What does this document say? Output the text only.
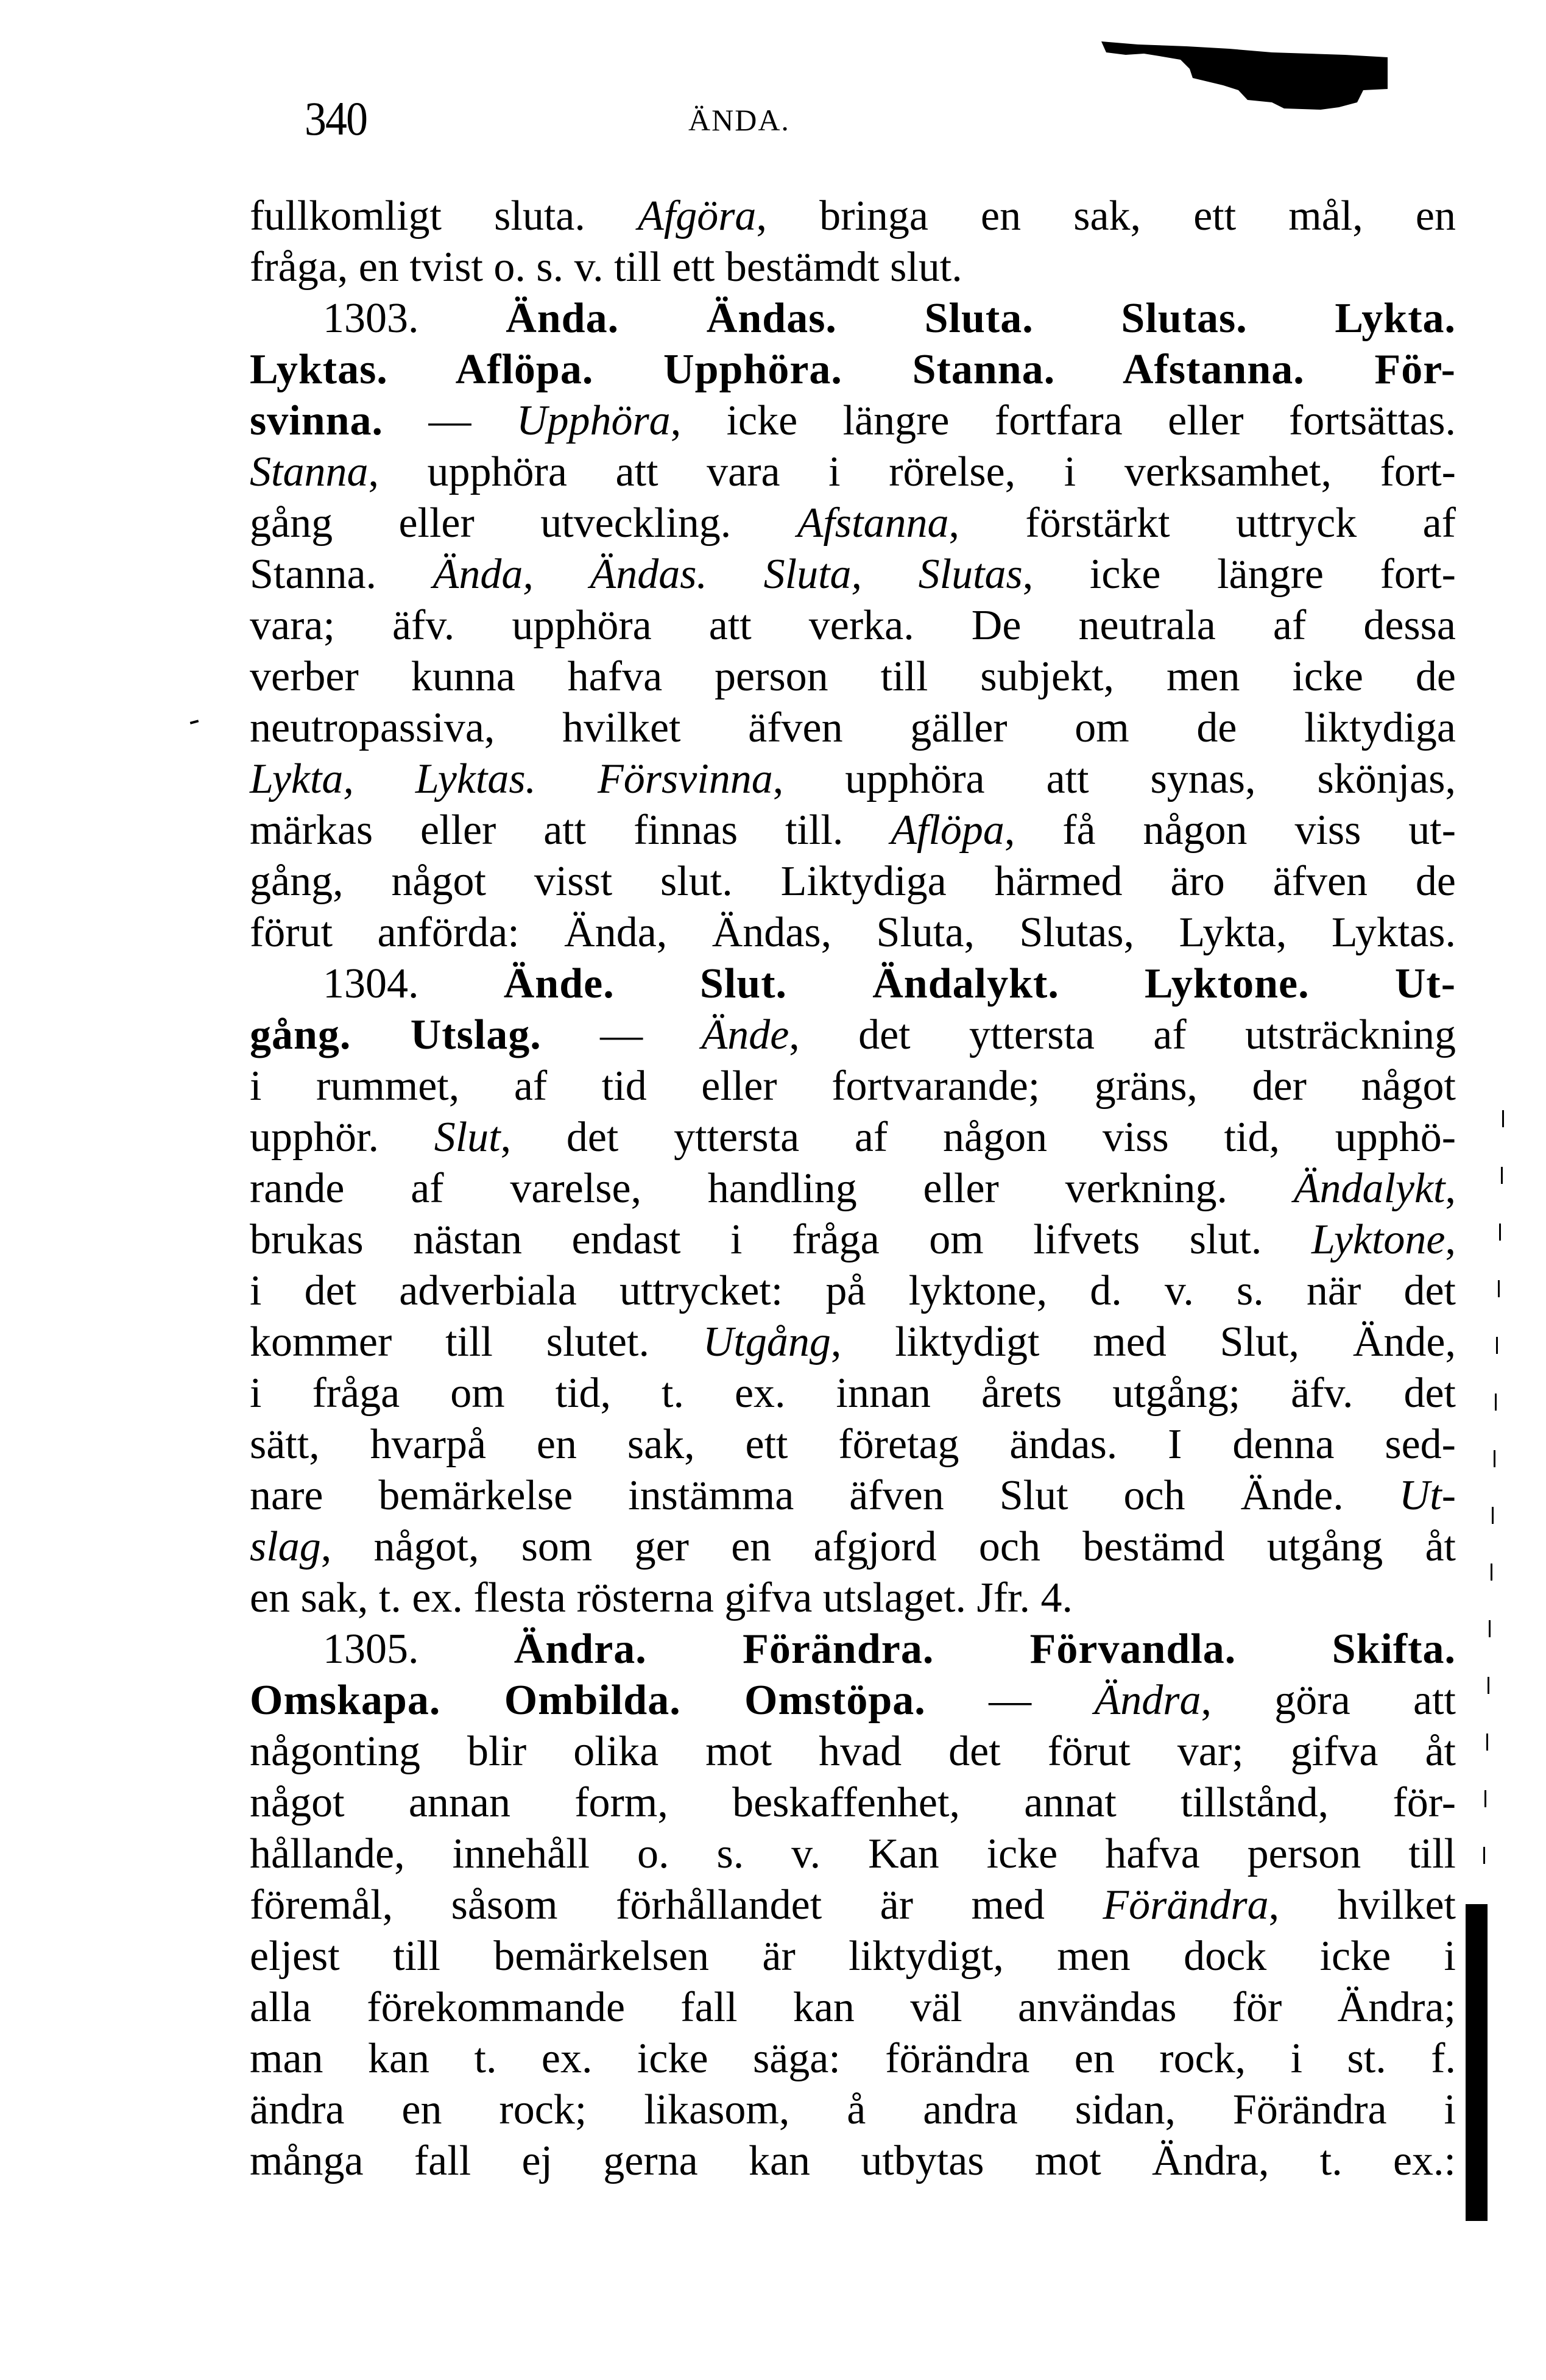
340	ÄNDA.
fullkomligt sluta. Afgöra, bringa en sak, ett mål, en
fråga, en tvist o. s. v. till ett bestämdt slut.
1303. Ända. Ändas. Sluta. Slutas. Lykta.
Lyktas. Aflöpa. Upphöra. Stanna. Afstanna. För-
svinna. — Upphöra, icke längre fortfara eller fortsättas.
Stanna, upphöra att vara i rörelse, i verksamhet, fort-
gång eller utveckling. Afstanna, förstärkt uttryck af
Stanna. Ända, Ändas. Sluta, Slutas, icke längre fort-
vara; äfv. upphöra att verka. De neutrala af dessa
verber kunna hafva person till subjekt, men icke de
neutropassiva, hvilket äfven gäller om de liktydiga
Lykta, Lyktas. Försvinna, upphöra att synas, skönjas,
märkas eller att finnas till. Aflöpa, få någon viss ut-
gång, något visst slut. Liktydiga härmed äro äfven de
förut anförda: Ända, Ändas, Sluta, Slutas, Lykta, Lyktas.
1304. Ände. Slut. Ändalykt. Lyktone. Ut-
gång. Utslag. — Ände, det yttersta af utsträckning
i rummet, af tid eller fortvarande; gräns, der något
upphör. Slut, det yttersta af någon viss tid, upphö-
rande af varelse, handling eller verkning. Ändalykt,
brukas nästan endast i fråga om lifvets slut. Lyktone,
i det adverbiala uttrycket: på lyktone, d. v. s. när det
kommer till slutet. Utgång, liktydigt med Slut, Ände,
i fråga om tid, t. ex. innan årets utgång; äfv. det
sätt, hvarpå en sak, ett företag ändas. I denna sed-
nare bemärkelse instämma äfven Slut och Ände. Ut-
slag, något, som ger en afgjord och bestämd utgång åt
en sak, t. ex. flesta rösterna gifva utslaget. Jfr. 4.
1305. Ändra. Förändra. Förvandla. Skifta.
Omskapa. Ombilda. Omstöpa. — Ändra, göra att
någonting blir olika mot hvad det förut var; gifva åt
något annan form, beskaffenhet, annat tillstånd, för-
hållande, innehåll o. s. v. Kan icke hafva person till
föremål, såsom förhållandet är med Förändra, hvilket
eljest till bemärkelsen är liktydigt, men dock icke i
alla förekommande fall kan väl användas för Ändra;
man kan t. ex. icke säga: förändra en rock, i st. f.
ändra en rock; likasom, å andra sidan, Förändra i
många fall ej gerna kan utbytas mot Ändra, t. ex.:
